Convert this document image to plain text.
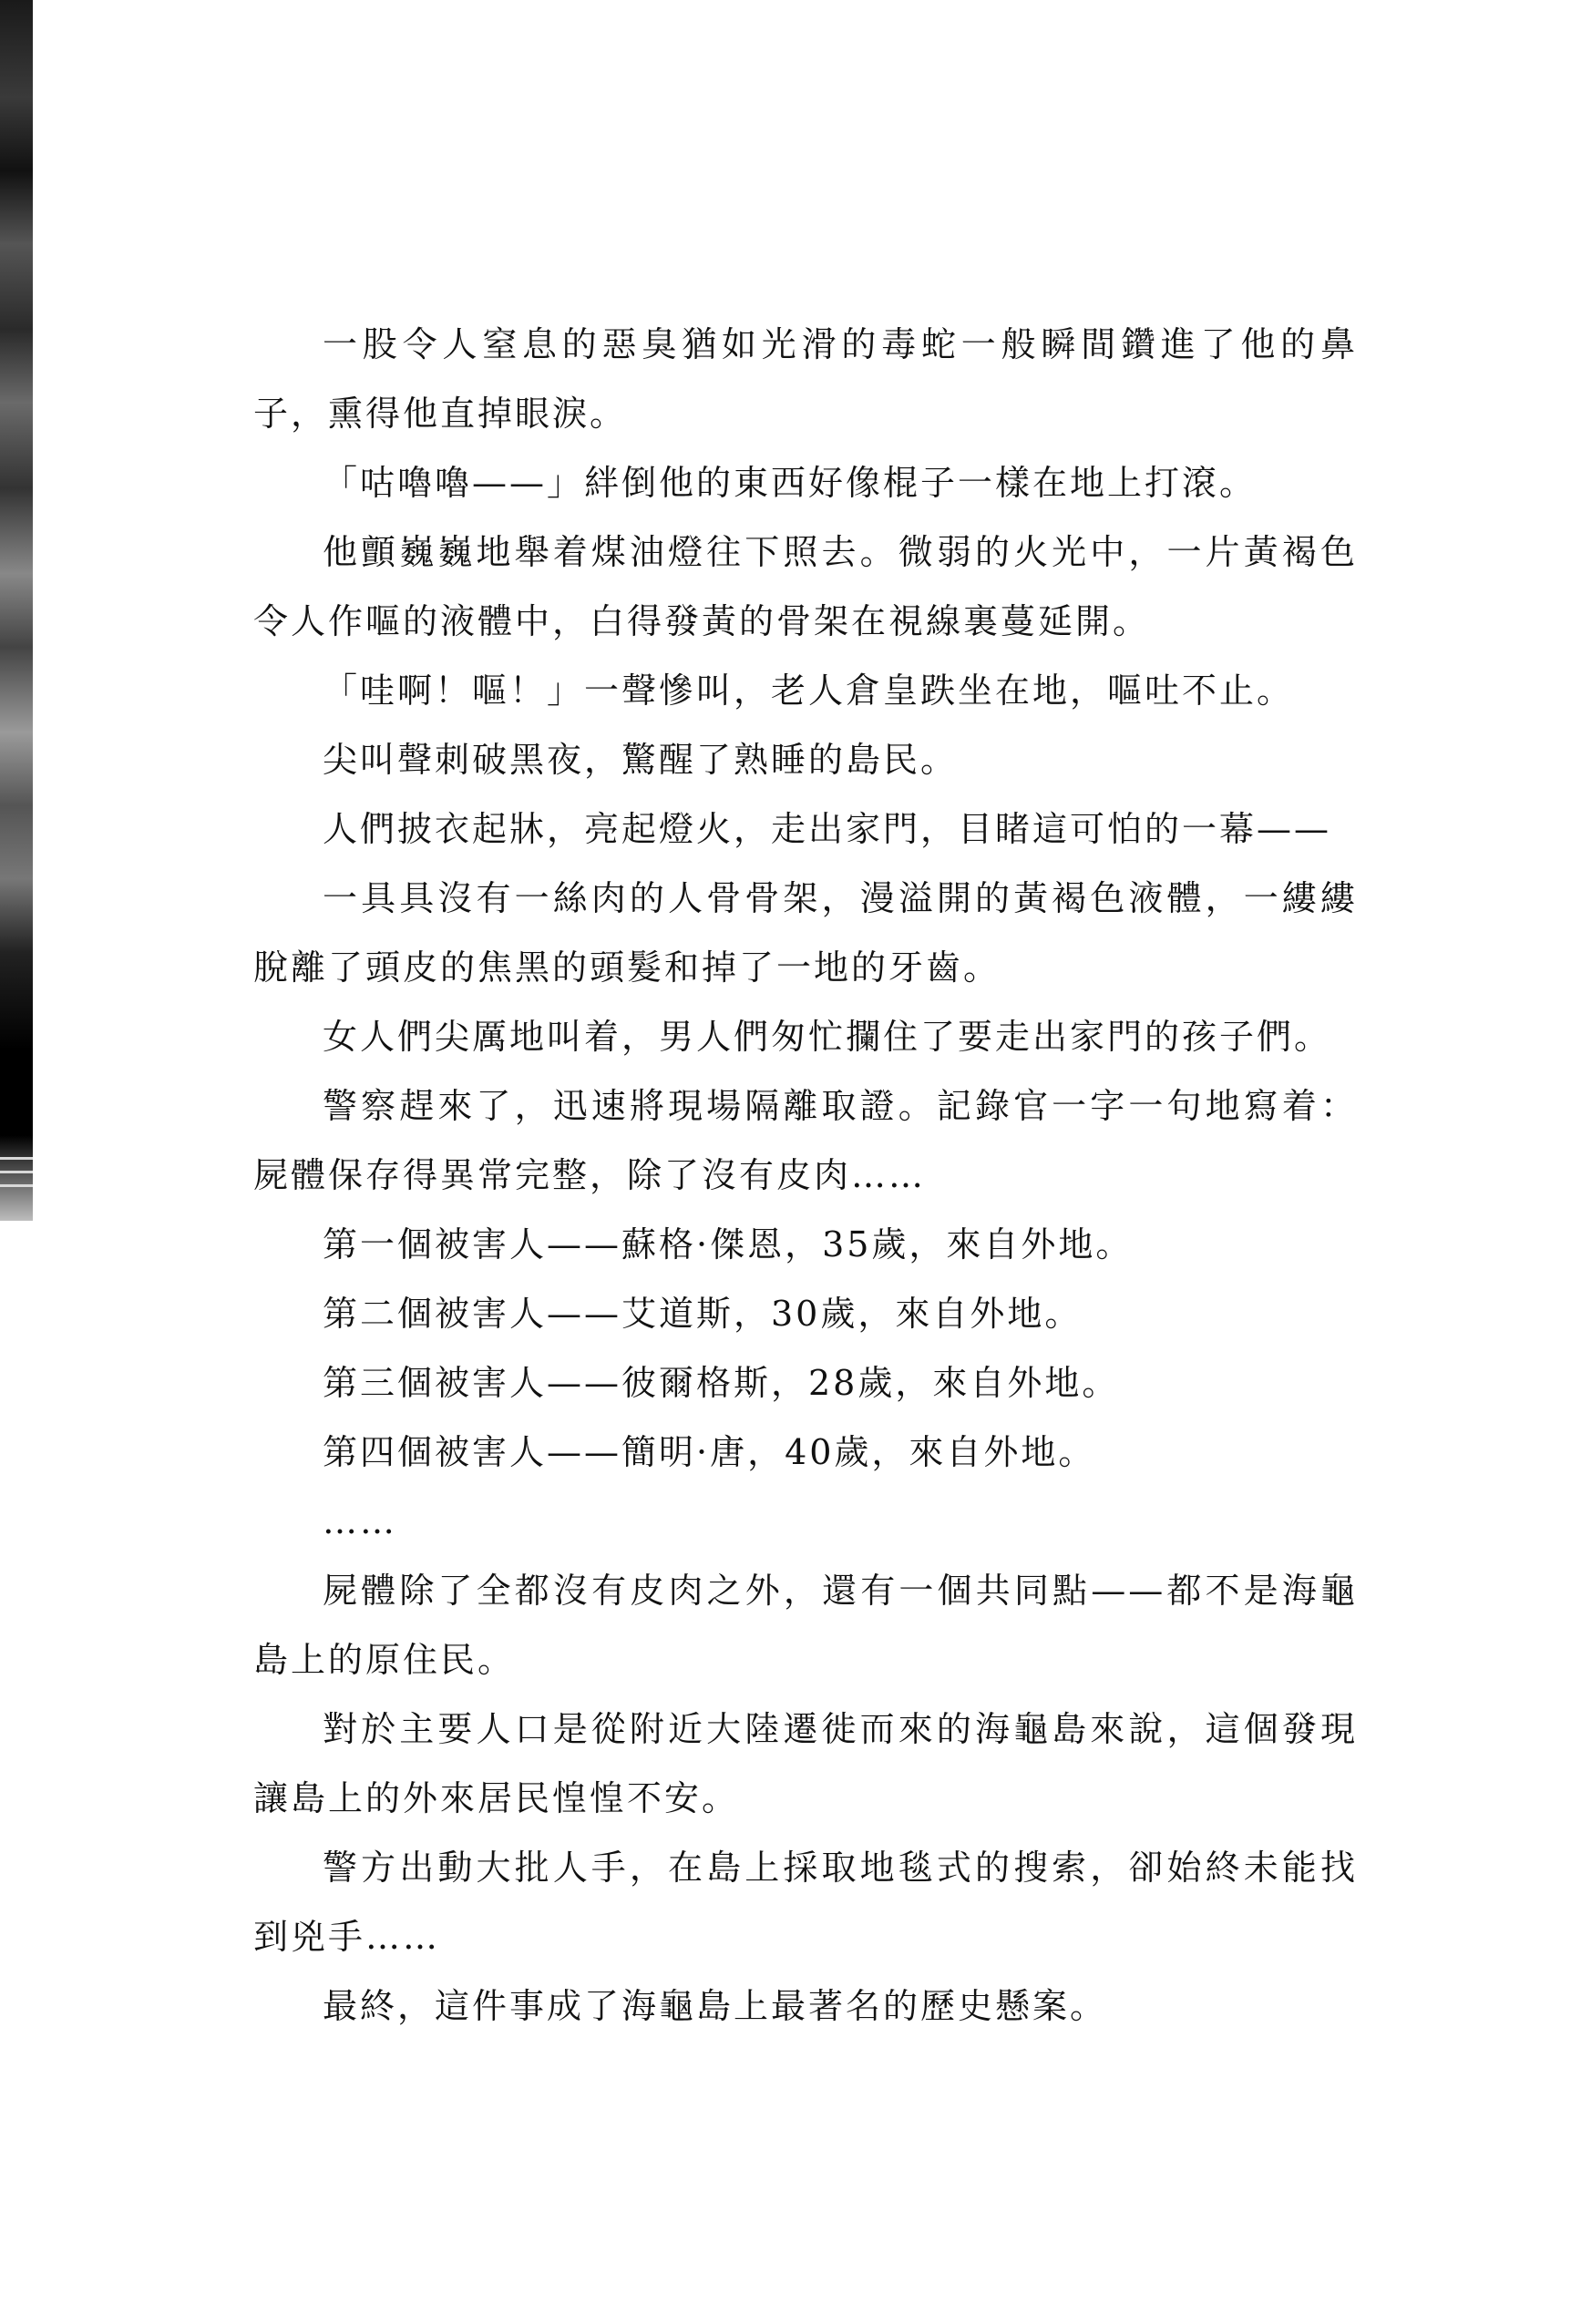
一股令人窒息的惡臭猶如光滑的毒蛇一般瞬間鑽進了他的鼻子，熏得他直掉眼淚。

「咕嚕嚕——」絆倒他的東西好像棍子一樣在地上打滾。

他顫巍巍地舉着煤油燈往下照去。微弱的火光中，一片黃褐色令人作嘔的液體中，白得發黃的骨架在視線裏蔓延開。

「哇啊！嘔！」一聲慘叫，老人倉皇跌坐在地，嘔吐不止。

尖叫聲刺破黑夜，驚醒了熟睡的島民。

人們披衣起牀，亮起燈火，走出家門，目睹這可怕的一幕——

一具具沒有一絲肉的人骨骨架，漫溢開的黃褐色液體，一縷縷脫離了頭皮的焦黑的頭髮和掉了一地的牙齒。

女人們尖厲地叫着，男人們匆忙攔住了要走出家門的孩子們。

警察趕來了，迅速將現場隔離取證。記錄官一字一句地寫着：屍體保存得異常完整，除了沒有皮肉……

第一個被害人——蘇格·傑恩，35歲，來自外地。

第二個被害人——艾道斯，30歲，來自外地。

第三個被害人——彼爾格斯，28歲，來自外地。

第四個被害人——簡明·唐，40歲，來自外地。

……

屍體除了全都沒有皮肉之外，還有一個共同點——都不是海龜島上的原住民。

對於主要人口是從附近大陸遷徙而來的海龜島來說，這個發現讓島上的外來居民惶惶不安。

警方出動大批人手，在島上採取地毯式的搜索，卻始終未能找到兇手……

最終，這件事成了海龜島上最著名的歷史懸案。
